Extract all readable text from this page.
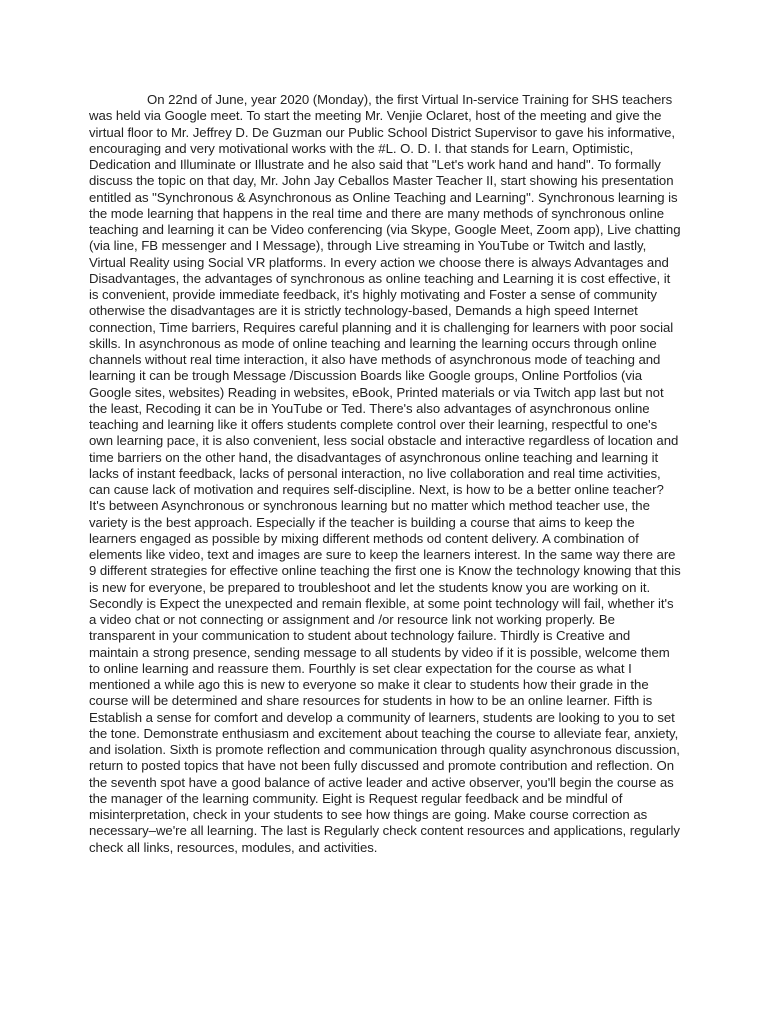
On 22nd of June, year 2020 (Monday), the first Virtual In-service Training for SHS teachers was held via Google meet. To start the meeting Mr. Venjie Oclaret, host of the meeting and give the virtual floor to Mr. Jeffrey D. De Guzman our Public School District Supervisor to gave his informative, encouraging and very motivational works with the #L. O. D. I. that stands for Learn, Optimistic, Dedication and Illuminate or Illustrate and he also said that "Let's work hand and hand". To formally discuss the topic on that day, Mr. John Jay Ceballos Master Teacher II, start showing his presentation entitled as "Synchronous & Asynchronous as Online Teaching and Learning". Synchronous learning is the mode learning that happens in the real time and there are many methods of synchronous online teaching and learning it can be Video conferencing (via Skype, Google Meet, Zoom app), Live chatting (via line, FB messenger and I Message), through Live streaming in YouTube or Twitch and lastly, Virtual Reality using Social VR platforms. In every action we choose there is always Advantages and Disadvantages, the advantages of synchronous as online teaching and Learning it is cost effective, it is convenient, provide immediate feedback, it's highly motivating and Foster a sense of community otherwise the disadvantages are it is strictly technology-based, Demands a high speed Internet connection, Time barriers, Requires careful planning and it is challenging for learners with poor social skills. In asynchronous as mode of online teaching and learning the learning occurs through online channels without real time interaction, it also have methods of asynchronous mode of teaching and learning it can be trough Message /Discussion Boards like Google groups, Online Portfolios (via Google sites, websites) Reading in websites, eBook, Printed materials or via Twitch app last but not the least, Recoding it can be in YouTube or Ted. There's also advantages of asynchronous online teaching and learning like it offers students complete control over their learning, respectful to one's own learning pace, it is also convenient, less social obstacle and interactive regardless of location and time barriers on the other hand, the disadvantages of asynchronous online teaching and learning it lacks of instant feedback, lacks of personal interaction, no live collaboration and real time activities, can cause lack of motivation and requires self-discipline. Next, is how to be a better online teacher? It's between Asynchronous or synchronous learning but no matter which method teacher use, the variety is the best approach. Especially if the teacher is building a course that aims to keep the learners engaged as possible by mixing different methods od content delivery. A combination of elements like video, text and images are sure to keep the learners interest. In the same way there are 9 different strategies for effective online teaching the first one is Know the technology knowing that this is new for everyone, be prepared to troubleshoot and let the students know you are working on it. Secondly is Expect the unexpected and remain flexible, at some point technology will fail, whether it's a video chat or not connecting or assignment and /or resource link not working properly. Be transparent in your communication to student about technology failure. Thirdly is Creative and maintain a strong presence, sending message to all students by video if it is possible, welcome them to online learning and reassure them. Fourthly is set clear expectation for the course as what I mentioned a while ago this is new to everyone so make it clear to students how their grade in the course will be determined and share resources for students in how to be an online learner. Fifth is Establish a sense for comfort and develop a community of learners, students are looking to you to set the tone. Demonstrate enthusiasm and excitement about teaching the course to alleviate fear, anxiety, and isolation. Sixth is promote reflection and communication through quality asynchronous discussion, return to posted topics that have not been fully discussed and promote contribution and reflection. On the seventh spot have a good balance of active leader and active observer, you'll begin the course as the manager of the learning community. Eight is Request regular feedback and be mindful of misinterpretation, check in your students to see how things are going. Make course correction as necessary–we're all learning. The last is Regularly check content resources and applications, regularly check all links, resources, modules, and activities.
